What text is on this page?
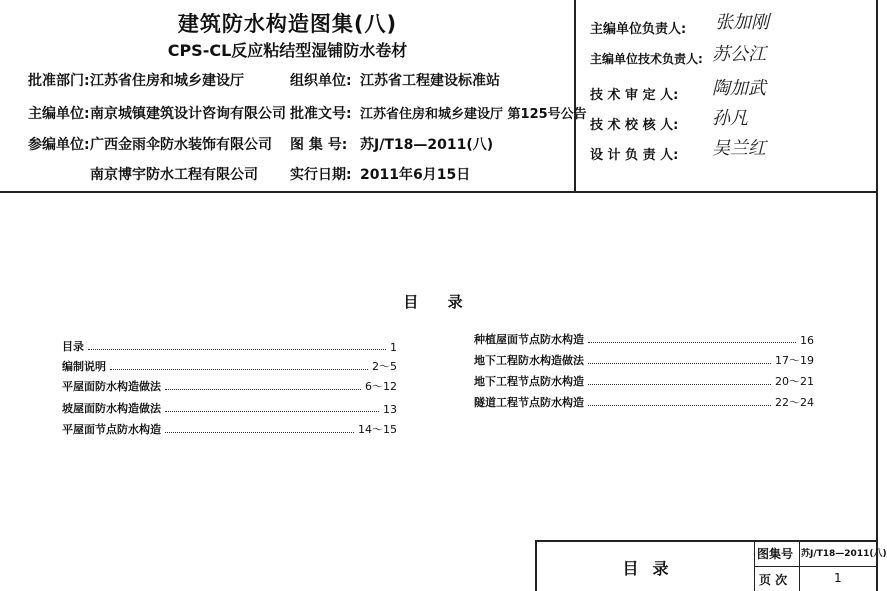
建筑防水构造图集(八)
CPS-CL反应粘结型湿铺防水卷材
批准部门: 江苏省住房和城乡建设厅	组织单位: 江苏省工程建设标准站
主编单位: 南京城镇建筑设计咨询有限公司 批准文号: 江苏省住房和城乡建设厅 第125号公告
参编单位: 广西金雨伞防水装饰有限公司 图 集 号: 苏J/T18—2011(八)
南京博宇防水工程有限公司 实行日期: 2011年6月15日
主编单位负责人: 张加刚
主编单位技术负责人: 苏公江
技 术 审 定 人: 陶加武
技 术 校 核 人: 孙凡
设 计 负 责 人: 吴兰红
目 录
目录	1
编制说明	2～5
平屋面防水构造做法	6～12
坡屋面防水构造做法	13
平屋面节点防水构造	14～15
种植屋面节点防水构造	16
地下工程防水构造做法	17～19
地下工程节点防水构造	20～21
隧道工程节点防水构造	22～24
目录
图集号 苏J/T18—2011(八)
页 次	1
